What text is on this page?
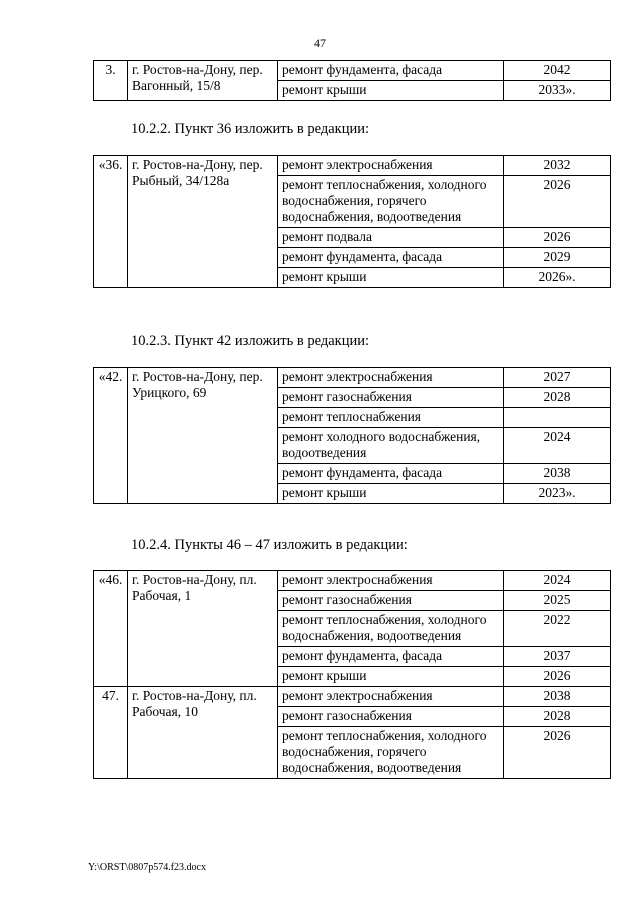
47
3.	г. Ростов-на-Дону, пер. Вагонный, 15/8	ремонт фундамента, фасада	2042
		ремонт крыши	2033».
10.2.2. Пункт 36 изложить в редакции:
«36.	г. Ростов-на-Дону, пер. Рыбный, 34/128а	ремонт электроснабжения	2032
		ремонт теплоснабжения, холодного водоснабжения, горячего водоснабжения, водоотведения	2026
		ремонт подвала	2026
		ремонт фундамента, фасада	2029
		ремонт крыши	2026».
10.2.3. Пункт 42 изложить в редакции:
«42.	г. Ростов-на-Дону, пер. Урицкого, 69	ремонт электроснабжения	2027
		ремонт газоснабжения	2028
		ремонт теплоснабжения	
		ремонт холодного водоснабжения, водоотведения	2024
		ремонт фундамента, фасада	2038
		ремонт крыши	2023».
10.2.4. Пункты 46 – 47 изложить в редакции:
«46.	г. Ростов-на-Дону, пл. Рабочая, 1	ремонт электроснабжения	2024
		ремонт газоснабжения	2025
		ремонт теплоснабжения, холодного водоснабжения, водоотведения	2022
		ремонт фундамента, фасада	2037
		ремонт крыши	2026
47.	г. Ростов-на-Дону, пл. Рабочая, 10	ремонт электроснабжения	2038
		ремонт газоснабжения	2028
		ремонт теплоснабжения, холодного водоснабжения, горячего водоснабжения, водоотведения	2026
Y:\ORST\0807p574.f23.docx
